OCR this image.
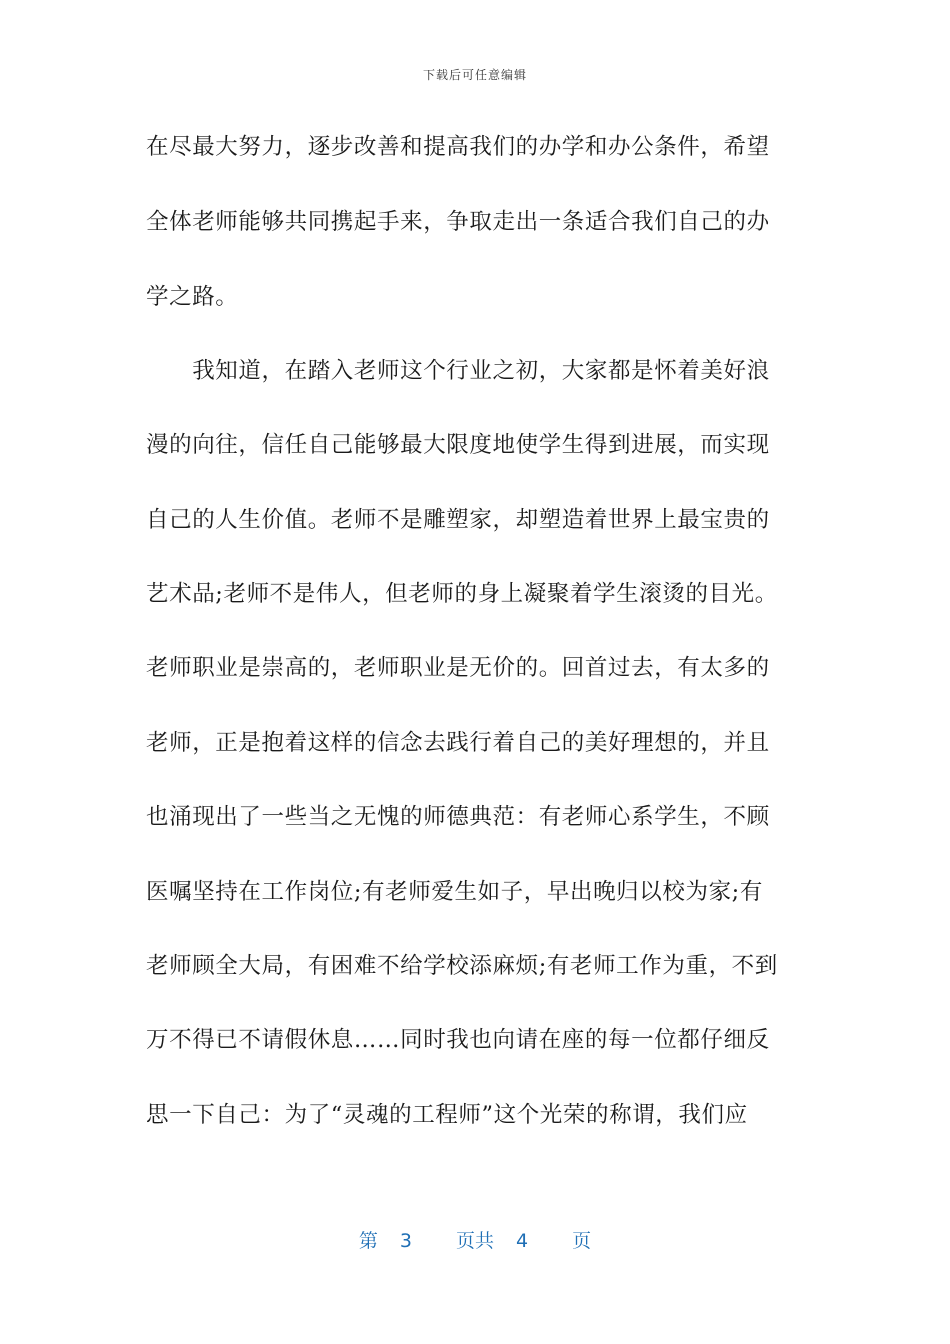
下载后可任意编辑
在尽最大努力，逐步改善和提高我们的办学和办公条件，希望
全体老师能够共同携起手来，争取走出一条适合我们自己的办
学之路。
　　我知道，在踏入老师这个行业之初，大家都是怀着美好浪
漫的向往，信任自己能够最大限度地使学生得到进展，而实现
自己的人生价值。老师不是雕塑家，却塑造着世界上最宝贵的
艺术品;老师不是伟人，但老师的身上凝聚着学生滚烫的目光。
老师职业是崇高的，老师职业是无价的。回首过去，有太多的
老师，正是抱着这样的信念去践行着自己的美好理想的，并且
也涌现出了一些当之无愧的师德典范：有老师心系学生，不顾
医嘱坚持在工作岗位;有老师爱生如子，早出晚归以校为家;有
老师顾全大局，有困难不给学校添麻烦;有老师工作为重，不到
万不得已不请假休息……同时我也向请在座的每一位都仔细反
思一下自己：为了“灵魂的工程师”这个光荣的称谓，我们应
第 3 页共 4 页
